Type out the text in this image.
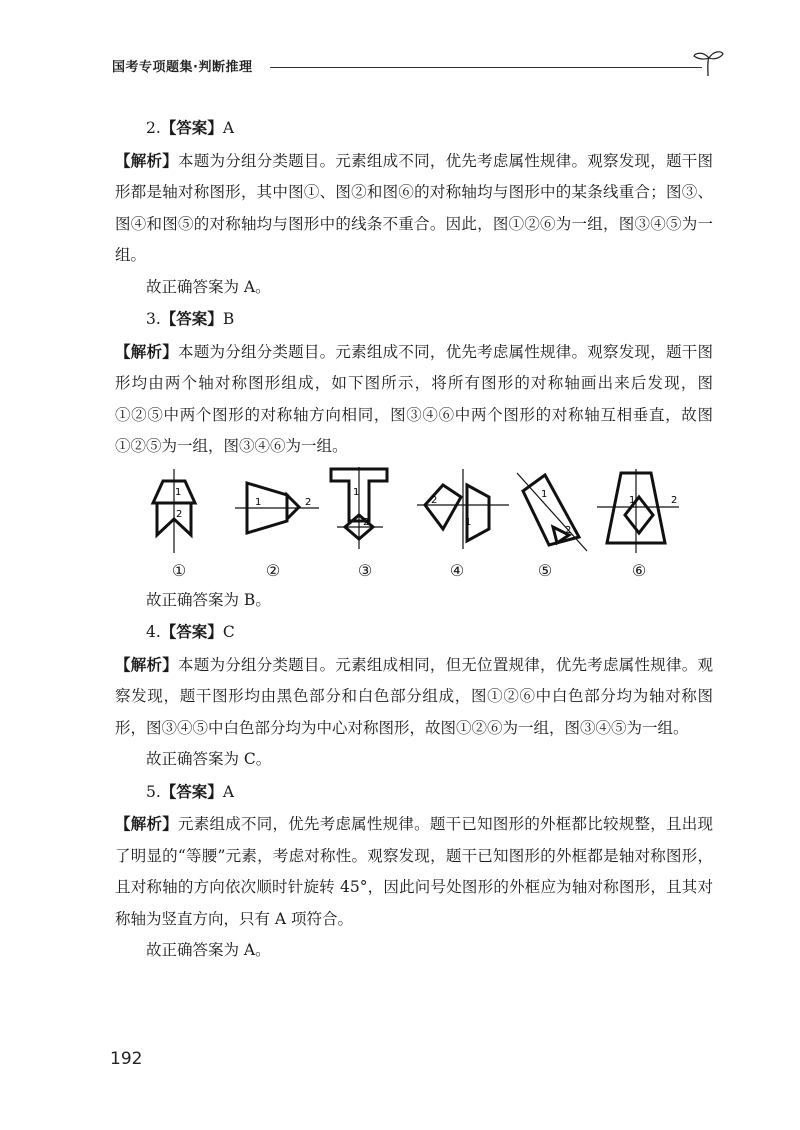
国考专项题集·判断推理

2.【答案】A

【解析】本题为分组分类题目。元素组成不同，优先考虑属性规律。观察发现，题干图形都是轴对称图形，其中图①、图②和图⑥的对称轴均与图形中的某条线重合；图③、图④和图⑤的对称轴均与图形中的线条不重合。因此，图①②⑥为一组，图③④⑤为一组。

故正确答案为 A。

3.【答案】B

【解析】本题为分组分类题目。元素组成不同，优先考虑属性规律。观察发现，题干图形均由两个轴对称图形组成，如下图所示，将所有图形的对称轴画出来后发现，图①②⑤中两个图形的对称轴方向相同，图③④⑥中两个图形的对称轴互相垂直，故图①②⑤为一组，图③④⑥为一组。

1
2
①
1	2
②
1
2
③
2
1
④
1
2
⑤
1	2
⑥

故正确答案为 B。

4.【答案】C

【解析】本题为分组分类题目。元素组成相同，但无位置规律，优先考虑属性规律。观察发现，题干图形均由黑色部分和白色部分组成，图①②⑥中白色部分均为轴对称图形，图③④⑤中白色部分均为中心对称图形，故图①②⑥为一组，图③④⑤为一组。

故正确答案为 C。

5.【答案】A

【解析】元素组成不同，优先考虑属性规律。题干已知图形的外框都比较规整，且出现了明显的“等腰”元素，考虑对称性。观察发现，题干已知图形的外框都是轴对称图形，且对称轴的方向依次顺时针旋转 45°，因此问号处图形的外框应为轴对称图形，且其对称轴为竖直方向，只有 A 项符合。

故正确答案为 A。

192
